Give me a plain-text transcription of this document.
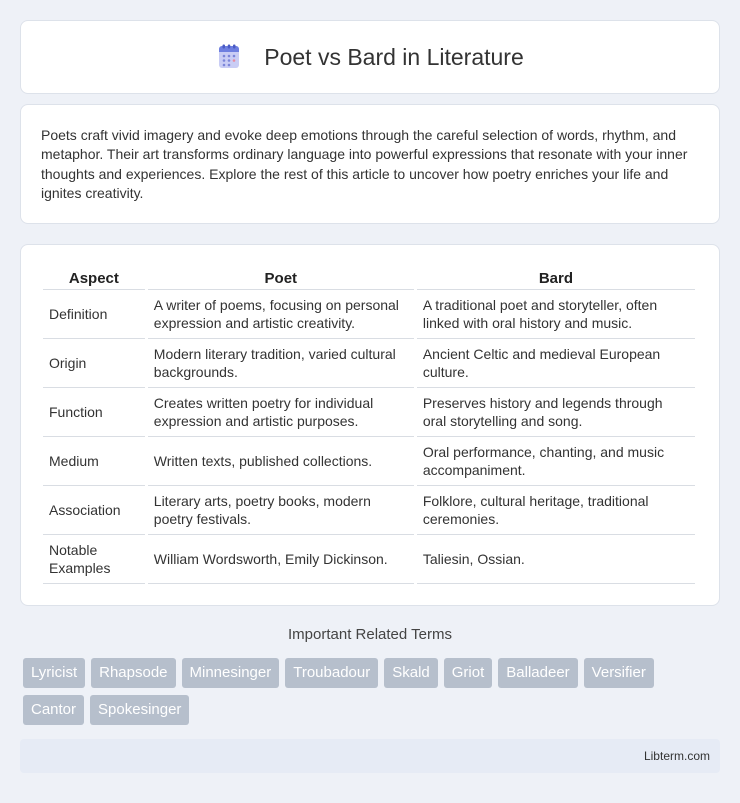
Poet vs Bard in Literature

Poets craft vivid imagery and evoke deep emotions through the careful selection of words, rhythm, and metaphor. Their art transforms ordinary language into powerful expressions that resonate with your inner thoughts and experiences. Explore the rest of this article to uncover how poetry enriches your life and ignites creativity.

Aspect	Poet	Bard
Definition	A writer of poems, focusing on personal expression and artistic creativity.	A traditional poet and storyteller, often linked with oral history and music.
Origin	Modern literary tradition, varied cultural backgrounds.	Ancient Celtic and medieval European culture.
Function	Creates written poetry for individual expression and artistic purposes.	Preserves history and legends through oral storytelling and song.
Medium	Written texts, published collections.	Oral performance, chanting, and music accompaniment.
Association	Literary arts, poetry books, modern poetry festivals.	Folklore, cultural heritage, traditional ceremonies.
Notable Examples	William Wordsworth, Emily Dickinson.	Taliesin, Ossian.
Important Related Terms
Lyricist	Rhapsode	Minnesinger	Troubadour	Skald	Griot	Balladeer	Versifier
Cantor	Spokesinger
Libterm.com
